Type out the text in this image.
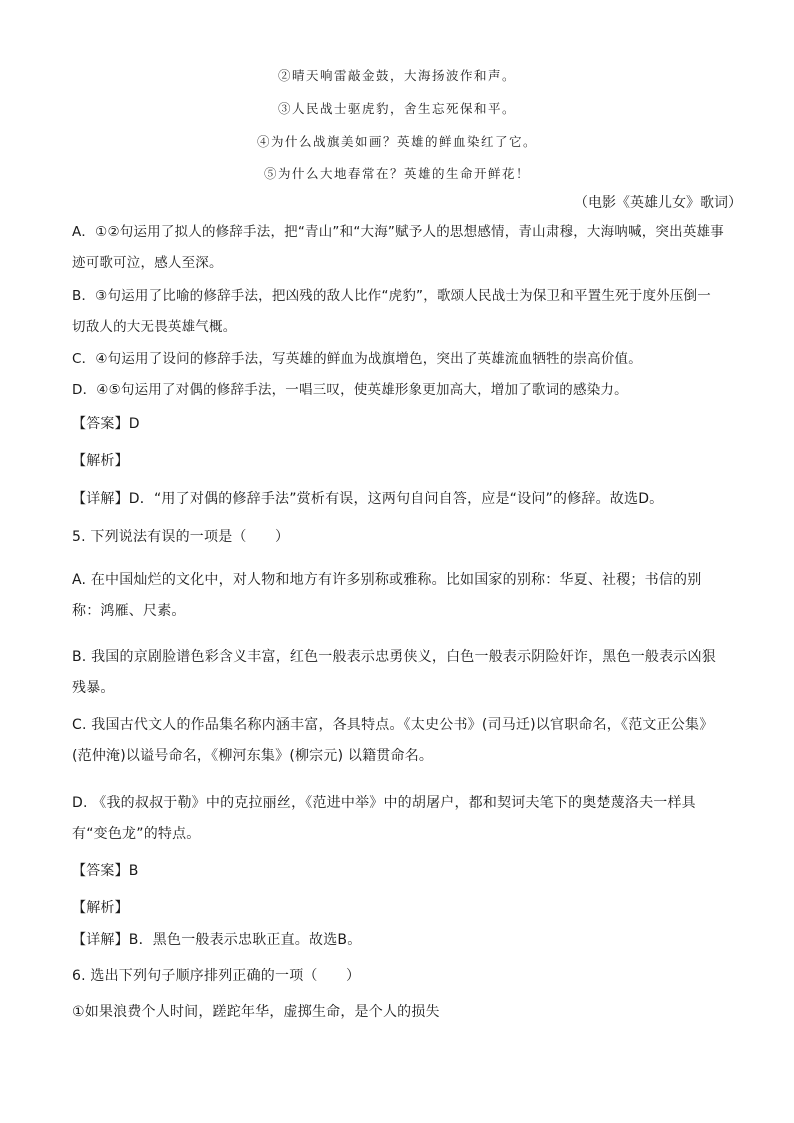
②晴天响雷敲金鼓，大海扬波作和声。
③人民战士驱虎豹，舍生忘死保和平。
④为什么战旗美如画？英雄的鲜血染红了它。
⑤为什么大地春常在？英雄的生命开鲜花！
（电影《英雄儿女》歌词）

A．①②句运用了拟人的修辞手法，把“青山”和“大海”赋予人的思想感情，青山肃穆，大海呐喊，突出英雄事迹可歌可泣，感人至深。

B．③句运用了比喻的修辞手法，把凶残的敌人比作“虎豹”，歌颂人民战士为保卫和平置生死于度外压倒一切敌人的大无畏英雄气概。

C．④句运用了设问的修辞手法，写英雄的鲜血为战旗增色，突出了英雄流血牺牲的崇高价值。

D．④⑤句运用了对偶的修辞手法，一唱三叹，使英雄形象更加高大，增加了歌词的感染力。

【答案】D

【解析】

【详解】D．“用了对偶的修辞手法”赏析有误，这两句自问自答，应是“设问”的修辞。故选D。

5. 下列说法有误的一项是（　　）

A. 在中国灿烂的文化中，对人物和地方有许多别称或雅称。比如国家的别称：华夏、社稷；书信的别称：鸿雁、尺素。

B. 我国的京剧脸谱色彩含义丰富，红色一般表示忠勇侠义，白色一般表示阴险奸诈，黑色一般表示凶狠残暴。

C. 我国古代文人的作品集名称内涵丰富，各具特点。《太史公书》(司马迁)以官职命名，《范文正公集》(范仲淹)以谥号命名，《柳河东集》(柳宗元) 以籍贯命名。

D. 《我的叔叔于勒》中的克拉丽丝，《范进中举》中的胡屠户，都和契诃夫笔下的奥楚蔑洛夫一样具有“变色龙”的特点。

【答案】B

【解析】

【详解】B．黑色一般表示忠耿正直。故选B。

6. 选出下列句子顺序排列正确的一项（　　）

①如果浪费个人时间，蹉跎年华，虚掷生命，是个人的损失
